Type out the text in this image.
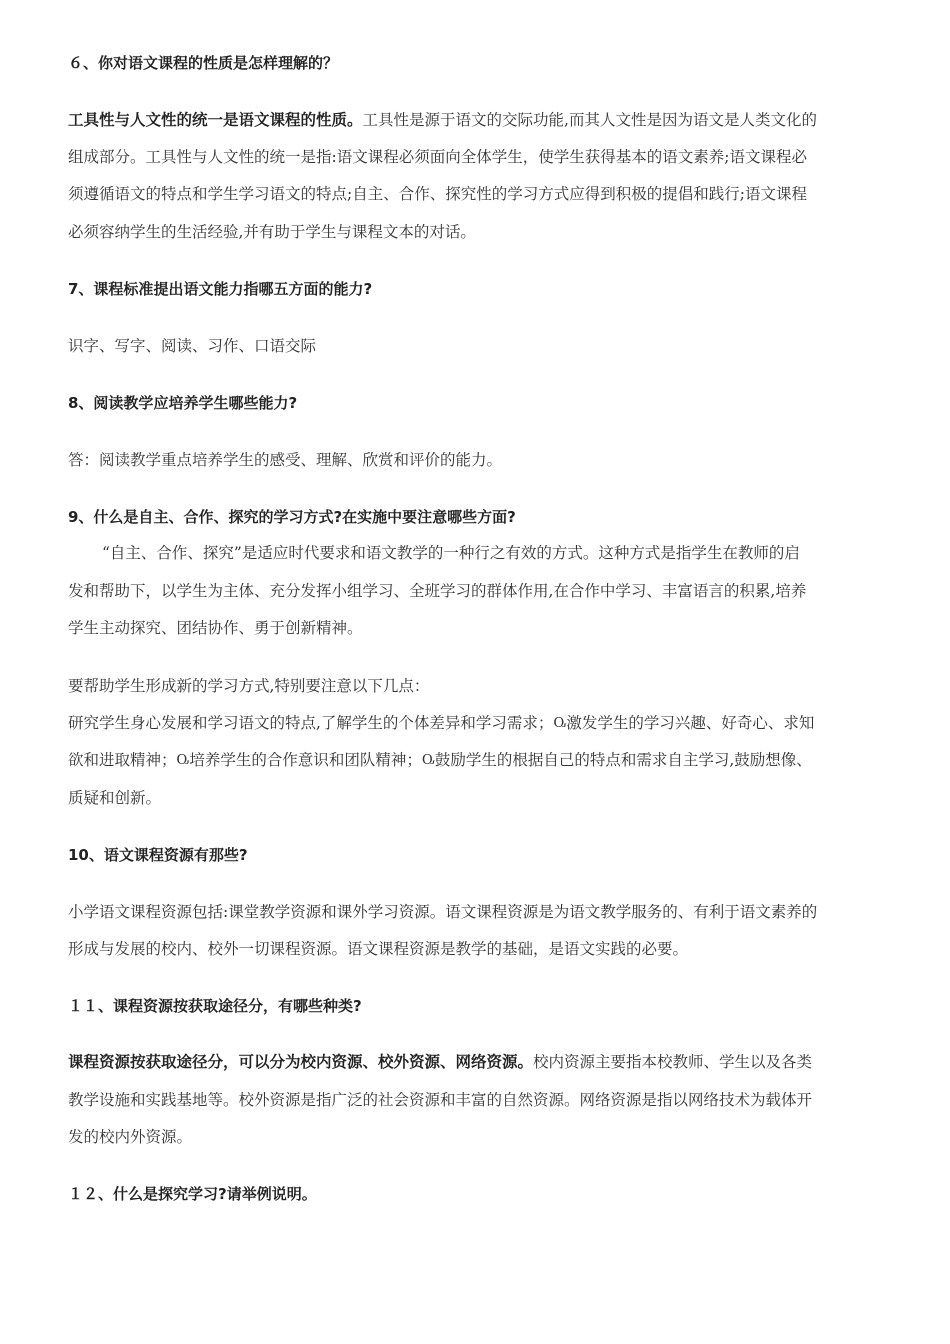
６、你对语文课程的性质是怎样理解的？
工具性与人文性的统一是语文课程的性质。工具性是源于语文的交际功能,而其人文性是因为语文是人类文化的
组成部分。工具性与人文性的统一是指:语文课程必须面向全体学生，使学生获得基本的语文素养;语文课程必
须遵循语文的特点和学生学习语文的特点;自主、合作、探究性的学习方式应得到积极的提倡和践行;语文课程
必须容纳学生的生活经验,并有助于学生与课程文本的对话。
7、课程标准提出语文能力指哪五方面的能力?
识字、写字、阅读、习作、口语交际
8、阅读教学应培养学生哪些能力?
答：阅读教学重点培养学生的感受、理解、欣赏和评价的能力。
9、什么是自主、合作、探究的学习方式?在实施中要注意哪些方面?
“自主、合作、探究”是适应时代要求和语文教学的一种行之有效的方式。这种方式是指学生在教师的启
发和帮助下，以学生为主体、充分发挥小组学习、全班学习的群体作用,在合作中学习、丰富语言的积累,培养
学生主动探究、团结协作、勇于创新精神。
要帮助学生形成新的学习方式,特别要注意以下几点：
研究学生身心发展和学习语文的特点,了解学生的个体差异和学习需求；Ⴍ激发学生的学习兴趣、好奇心、求知
欲和进取精神；Ⴍ培养学生的合作意识和团队精神；Ⴍ鼓励学生的根据自己的特点和需求自主学习,鼓励想像、
质疑和创新。
10、语文课程资源有那些?
小学语文课程资源包括:课堂教学资源和课外学习资源。语文课程资源是为语文教学服务的、有利于语文素养的
形成与发展的校内、校外一切课程资源。语文课程资源是教学的基础，是语文实践的必要。
１１、课程资源按获取途径分，有哪些种类?
课程资源按获取途径分，可以分为校内资源、校外资源、网络资源。校内资源主要指本校教师、学生以及各类
教学设施和实践基地等。校外资源是指广泛的社会资源和丰富的自然资源。网络资源是指以网络技术为载体开
发的校内外资源。
１２、什么是探究学习?请举例说明。
